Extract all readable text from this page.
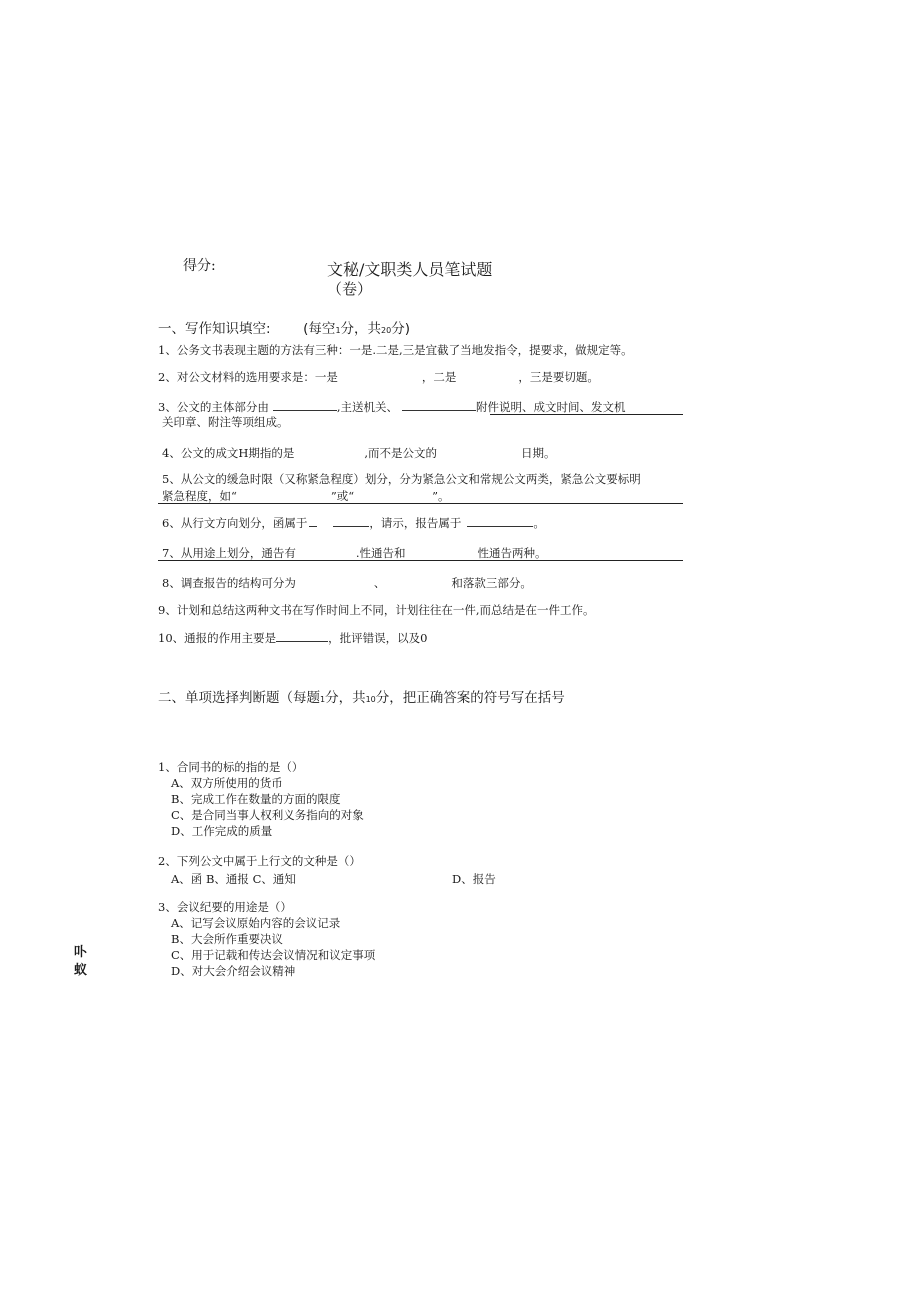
得分:	文秘/文职类人员笔试题
（卷）
一、写作知识填空: (每空1分，共20分)
1、公务文书表现主题的方法有三种：一是.二是,三是宜截了当地发指令，提要求，做规定等。
2、对公文材料的选用要求是：一是	，二是	，三是要切题。
3、公文的主体部分由	,主送机关、	附件说明、成文时间、发文机
关印章、附注等项组成。
4、公文的成文H期指的是	,而不是公文的	日期。
5、从公文的缓急时限（又称紧急程度）划分，分为紧急公文和常规公文两类，紧急公文要标明
紧急程度，如“	”或“	”。
6、从行文方向划分，函属于	，请示，报告属于	。
7、从用途上划分，通告有	.性通告和	性通告两种。
8、调查报告的结构可分为	、	和落款三部分。
9、计划和总结这两种文书在写作时间上不同，计划往往在一件,而总结是在一件工作。
10、通报的作用主要是	，批评错误，以及0
二、单项选择判断题（每题1分，共10分，把正确答案的符号写在括号
1、合同书的标的指的是（）
A、双方所使用的货币
B、完成工作在数量的方面的限度
C、是合同当事人权利义务指向的对象
D、工作完成的质量
2、下列公文中属于上行文的文种是（）
A、函 B、通报 C、通知	D、报告
3、会议纪要的用途是（）
A、记写会议原始内容的会议记录
B、大会所作重要决议
C、用于记载和传达会议情况和议定事项
D、对大会介绍会议精神
卟
蚁
